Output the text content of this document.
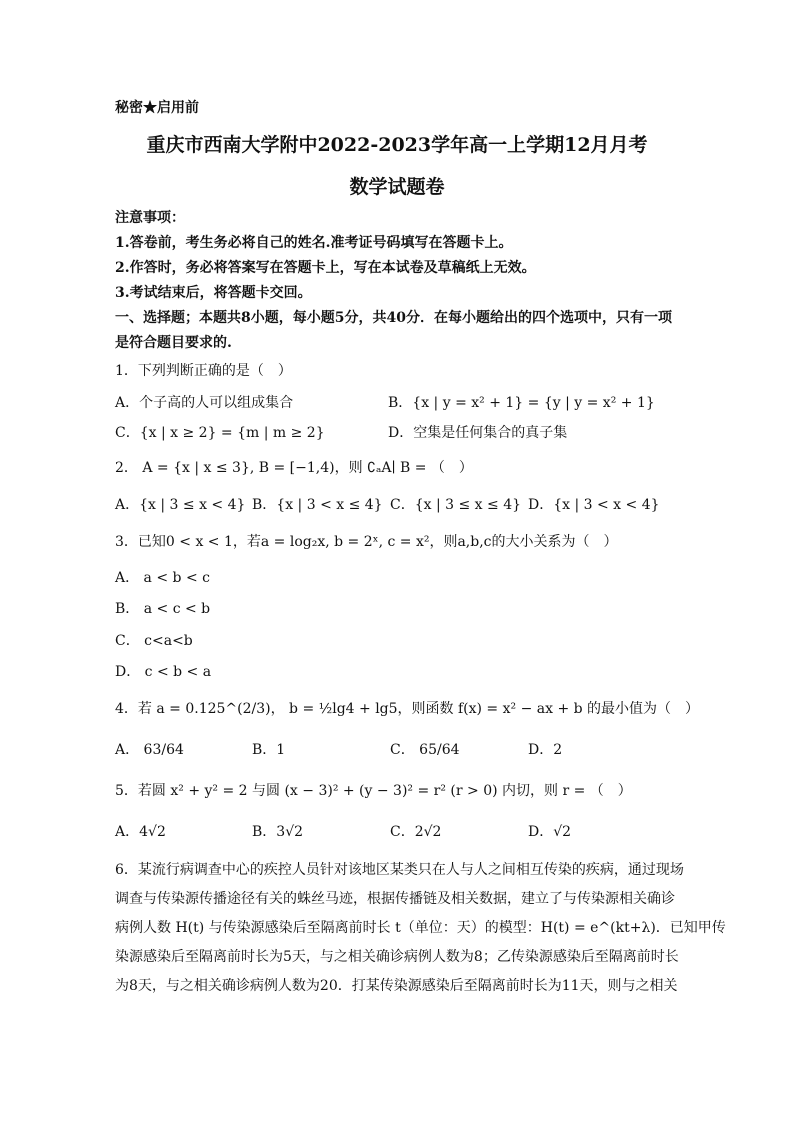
秘密★启用前
重庆市西南大学附中2022-2023学年高一上学期12月月考
数学试题卷
注意事项：
1.答卷前，考生务必将自己的姓名.准考证号码填写在答题卡上。
2.作答时，务必将答案写在答题卡上，写在本试卷及草稿纸上无效。
3.考试结束后，将答题卡交回。
一、选择题；本题共8小题，每小题5分，共40分．在每小题给出的四个选项中，只有一项
是符合题目要求的.
1．下列判断正确的是（　）
A．个子高的人可以组成集合	B．{x | y = x² + 1} = {y | y = x² + 1}
C．{x | x ≥ 2} = {m | m ≥ 2}	D．空集是任何集合的真子集
2． A = {x | x ≤ 3}, B = [−1,4)，则 ∁ₐA∣ B = （　）
A．{x | 3 ≤ x < 4} B．{x | 3 < x ≤ 4} C．{x | 3 ≤ x ≤ 4} D．{x | 3 < x < 4}
3．已知0 < x < 1，若a = log₂x, b = 2ˣ, c = x²，则a,b,c的大小关系为（　）
A． a < b < c
B． a < c < b
C． c<a<b
D． c < b < a
4．若 a = 0.125^(2/3)， b = ½lg4 + lg5，则函数 f(x) = x² − ax + b 的最小值为（　）
A． 63/64	B．1	C． 65/64	D．2
5．若圆 x² + y² = 2 与圆 (x − 3)² + (y − 3)² = r² (r > 0) 内切，则 r = （　）
A．4√2	B．3√2	C．2√2	D．√2
6．某流行病调查中心的疾控人员针对该地区某类只在人与人之间相互传染的疾病，通过现场
调查与传染源传播途径有关的蛛丝马迹，根据传播链及相关数据，建立了与传染源相关确诊
病例人数 H(t) 与传染源感染后至隔离前时长 t（单位：天）的模型：H(t) = e^(kt+λ)．已知甲传
染源感染后至隔离前时长为5天，与之相关确诊病例人数为8；乙传染源感染后至隔离前时长
为8天，与之相关确诊病例人数为20．打某传染源感染后至隔离前时长为11天，则与之相关
